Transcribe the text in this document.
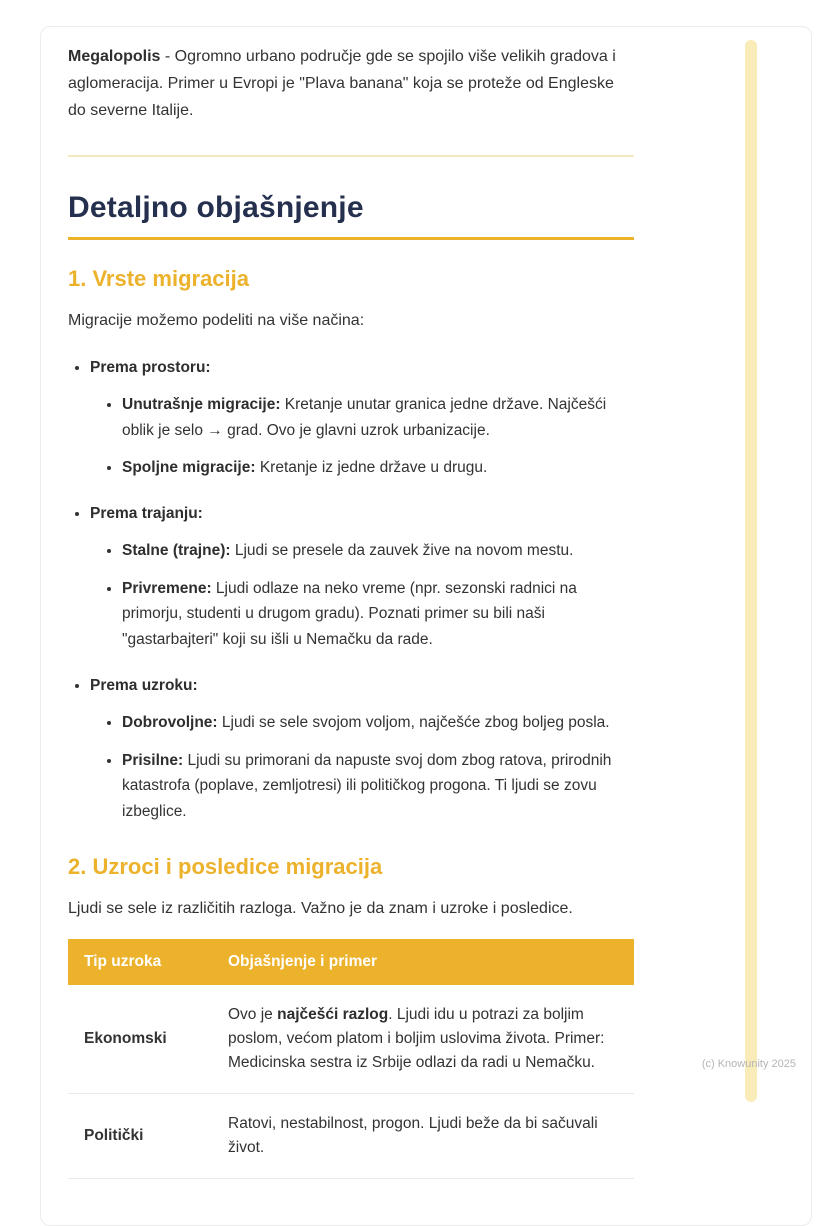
Megalopolis - Ogromno urbano područje gde se spojilo više velikih gradova i aglomeracija. Primer u Evropi je "Plava banana" koja se proteže od Engleske do severne Italije.

Detaljno objašnjenje
1. Vrste migracija

Migracije možemo podeliti na više načina:

• Prema prostoru:
• Unutrašnje migracije: Kretanje unutar granica jedne države. Najčešći oblik je selo → grad. Ovo je glavni uzrok urbanizacije.
• Spoljne migracije: Kretanje iz jedne države u drugu.
• Prema trajanju:
• Stalne (trajne): Ljudi se presele da zauvek žive na novom mestu.
• Privremene: Ljudi odlaze na neko vreme (npr. sezonski radnici na primorju, studenti u drugom gradu). Poznati primer su bili naši "gastarbajteri" koji su išli u Nemačku da rade.
• Prema uzroku:
• Dobrovoljne: Ljudi se sele svojom voljom, najčešće zbog boljeg posla.
• Prisilne: Ljudi su primorani da napuste svoj dom zbog ratova, prirodnih katastrofa (poplave, zemljotresi) ili političkog progona. Ti ljudi se zovu izbeglice.
2. Uzroci i posledice migracija

Ljudi se sele iz različitih razloga. Važno je da znam i uzroke i posledice.

Tip uzroka	Objašnjenje i primer
Ekonomski	Ovo je najčešći razlog. Ljudi idu u potrazi za boljim poslom, većom platom i boljim uslovima života. Primer: Medicinska sestra iz Srbije odlazi da radi u Nemačku.
Politički	Ratovi, nestabilnost, progon. Ljudi beže da bi sačuvali život.
(c) Knowunity 2025
